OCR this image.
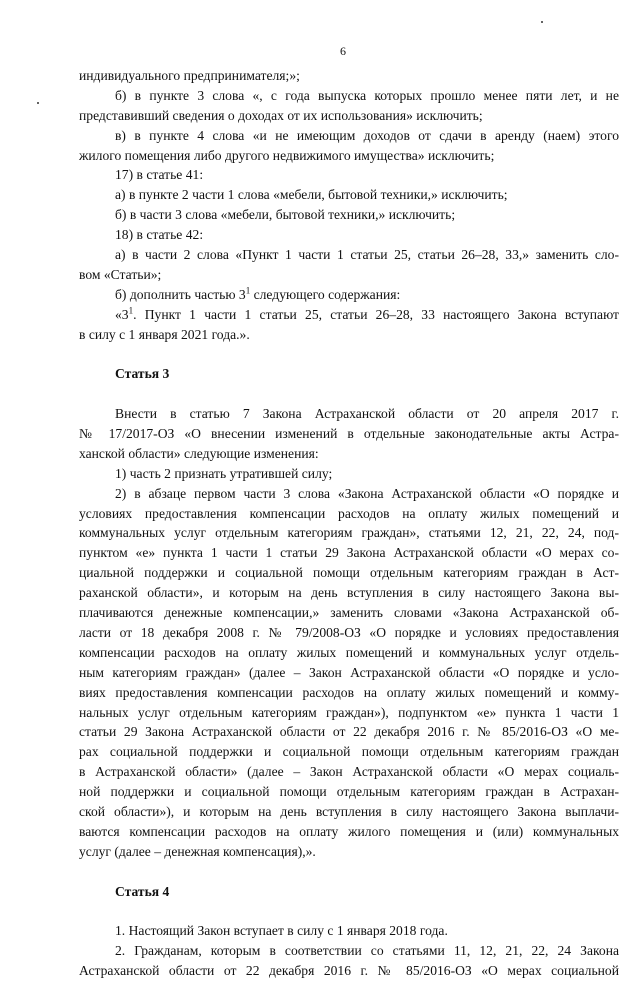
6
индивидуального предпринимателя;»;
б) в пункте 3 слова «, с года выпуска которых прошло менее пяти лет, и не
представивший сведения о доходах от их использования» исключить;
в) в пункте 4 слова «и не имеющим доходов от сдачи в аренду (наем) этого
жилого помещения либо другого недвижимого имущества» исключить;
17) в статье 41:
а) в пункте 2 части 1 слова «мебели, бытовой техники,» исключить;
б) в части 3 слова «мебели, бытовой техники,» исключить;
18) в статье 42:
а) в части 2 слова «Пункт 1 части 1 статьи 25, статьи 26–28, 33,» заменить сло-
вом «Статьи»;
б) дополнить частью $3^1$ следующего содержания:
«$3^1$. Пункт 1 части 1 статьи 25, статьи 26–28, 33 настоящего Закона вступают
в силу с 1 января 2021 года.».
Статья 3
Внести в статью 7 Закона Астраханской области от 20 апреля 2017 г.
№ 17/2017-ОЗ «О внесении изменений в отдельные законодательные акты Астра-
ханской области» следующие изменения:
1) часть 2 признать утратившей силу;
2) в абзаце первом части 3 слова «Закона Астраханской области «О порядке и
условиях предоставления компенсации расходов на оплату жилых помещений и
коммунальных услуг отдельным категориям граждан», статьями 12, 21, 22, 24, под-
пунктом «е» пункта 1 части 1 статьи 29 Закона Астраханской области «О мерах со-
циальной поддержки и социальной помощи отдельным категориям граждан в Аст-
раханской области», и которым на день вступления в силу настоящего Закона вы-
плачиваются денежные компенсации,» заменить словами «Закона Астраханской об-
ласти от 18 декабря 2008 г. № 79/2008-ОЗ «О порядке и условиях предоставления
компенсации расходов на оплату жилых помещений и коммунальных услуг отдель-
ным категориям граждан» (далее – Закон Астраханской области «О порядке и усло-
виях предоставления компенсации расходов на оплату жилых помещений и комму-
нальных услуг отдельным категориям граждан»), подпунктом «е» пункта 1 части 1
статьи 29 Закона Астраханской области от 22 декабря 2016 г. № 85/2016-ОЗ «О ме-
рах социальной поддержки и социальной помощи отдельным категориям граждан
в Астраханской области» (далее – Закон Астраханской области «О мерах социаль-
ной поддержки и социальной помощи отдельным категориям граждан в Астрахан-
ской области»), и которым на день вступления в силу настоящего Закона выплачи-
ваются компенсации расходов на оплату жилого помещения и (или) коммунальных
услуг (далее – денежная компенсация),».
Статья 4
1. Настоящий Закон вступает в силу с 1 января 2018 года.
2. Гражданам, которым в соответствии со статьями 11, 12, 21, 22, 24 Закона
Астраханской области от 22 декабря 2016 г. № 85/2016-ОЗ «О мерах социальной
